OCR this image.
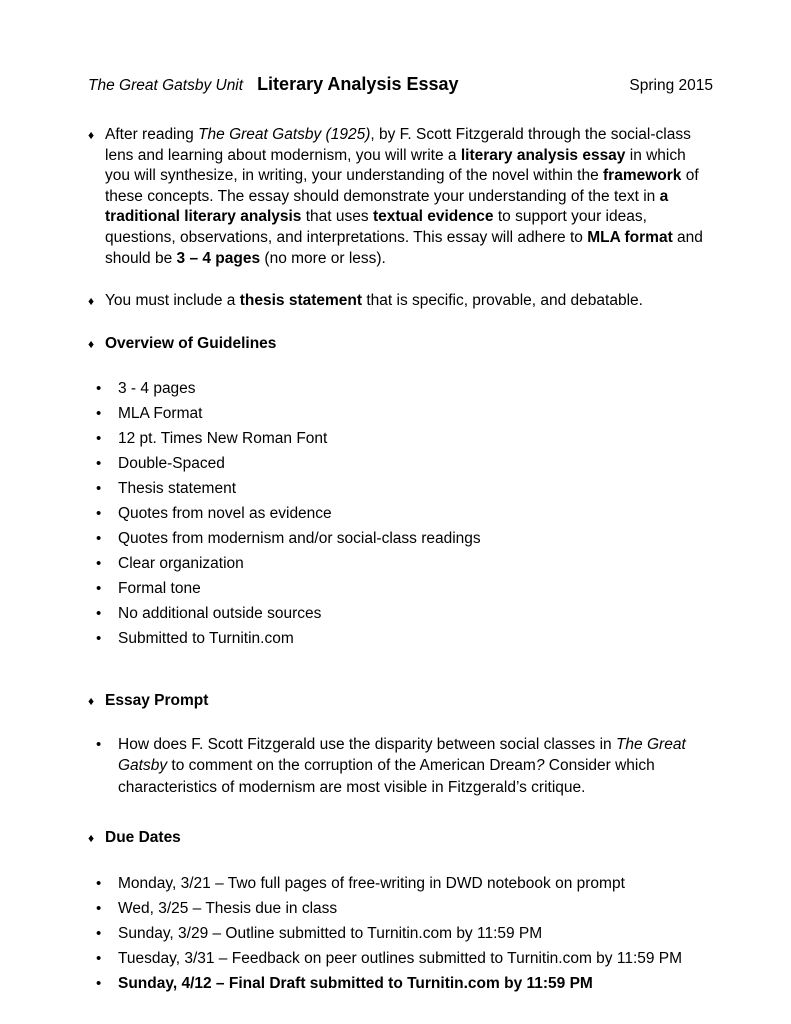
The Great Gatsby Unit Literary Analysis Essay	Spring 2015
♦ After reading The Great Gatsby (1925), by F. Scott Fitzgerald through the social-class lens and learning about modernism, you will write a literary analysis essay in which you will synthesize, in writing, your understanding of the novel within the framework of these concepts. The essay should demonstrate your understanding of the text in a traditional literary analysis that uses textual evidence to support your ideas, questions, observations, and interpretations. This essay will adhere to MLA format and should be 3 – 4 pages (no more or less).
♦ You must include a thesis statement that is specific, provable, and debatable.
♦ Overview of Guidelines
• 3 - 4 pages
• MLA Format
• 12 pt. Times New Roman Font
• Double-Spaced
• Thesis statement
• Quotes from novel as evidence
• Quotes from modernism and/or social-class readings
• Clear organization
• Formal tone
• No additional outside sources
• Submitted to Turnitin.com
♦ Essay Prompt
• How does F. Scott Fitzgerald use the disparity between social classes in The Great Gatsby to comment on the corruption of the American Dream? Consider which characteristics of modernism are most visible in Fitzgerald’s critique.
♦ Due Dates
• Monday, 3/21 – Two full pages of free-writing in DWD notebook on prompt
• Wed, 3/25 – Thesis due in class
• Sunday, 3/29 – Outline submitted to Turnitin.com by 11:59 PM
• Tuesday, 3/31 – Feedback on peer outlines submitted to Turnitin.com by 11:59 PM
• Sunday, 4/12 – Final Draft submitted to Turnitin.com by 11:59 PM
